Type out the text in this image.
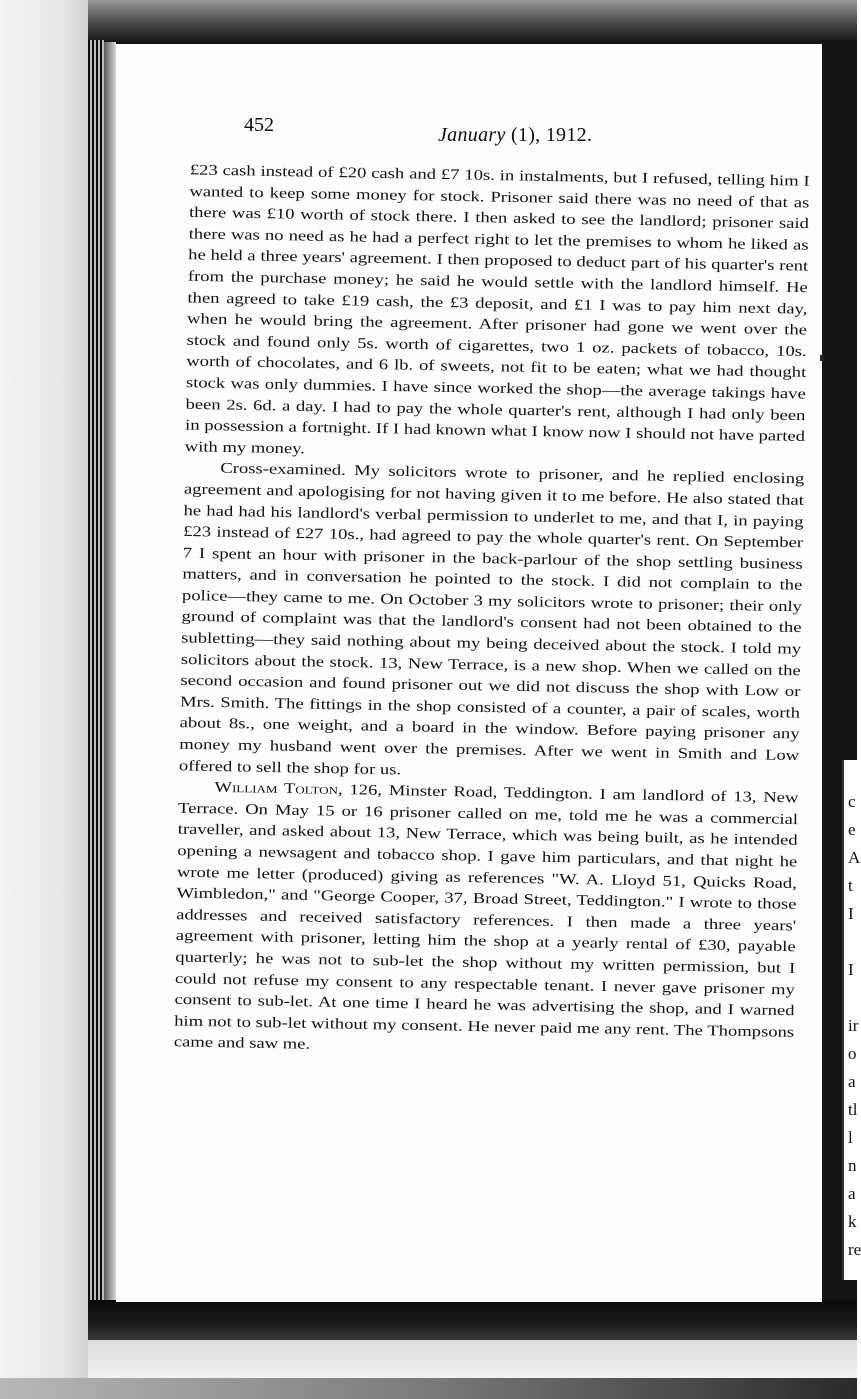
c
e
A
t
I

I

ir
o
a
tl
l
n
a
k
re
452	January (1), 1912.

£23 cash instead of £20 cash and £7 10s. in instalments, but I refused, telling him I wanted to keep some money for stock. Prisoner said there was no need of that as there was £10 worth of stock there. I then asked to see the landlord; prisoner said there was no need as he had a perfect right to let the premises to whom he liked as he held a three years' agreement. I then proposed to deduct part of his quarter's rent from the purchase money; he said he would settle with the landlord himself. He then agreed to take £19 cash, the £3 deposit, and £1 I was to pay him next day, when he would bring the agreement. After prisoner had gone we went over the stock and found only 5s. worth of cigarettes, two 1 oz. packets of tobacco, 10s. worth of chocolates, and 6 lb. of sweets, not fit to be eaten; what we had thought stock was only dummies. I have since worked the shop—the average takings have been 2s. 6d. a day. I had to pay the whole quarter's rent, although I had only been in possession a fortnight. If I had known what I know now I should not have parted with my money.

Cross-examined. My solicitors wrote to prisoner, and he replied enclosing agreement and apologising for not having given it to me before. He also stated that he had had his landlord's verbal permission to underlet to me, and that I, in paying £23 instead of £27 10s., had agreed to pay the whole quarter's rent. On September 7 I spent an hour with prisoner in the back-parlour of the shop settling business matters, and in conversation he pointed to the stock. I did not complain to the police—they came to me. On October 3 my solicitors wrote to prisoner; their only ground of complaint was that the landlord's consent had not been obtained to the subletting—they said nothing about my being deceived about the stock. I told my solicitors about the stock. 13, New Terrace, is a new shop. When we called on the second occasion and found prisoner out we did not discuss the shop with Low or Mrs. Smith. The fittings in the shop consisted of a counter, a pair of scales, worth about 8s., one weight, and a board in the window. Before paying prisoner any money my husband went over the premises. After we went in Smith and Low offered to sell the shop for us.

William Tolton, 126, Minster Road, Teddington. I am landlord of 13, New Terrace. On May 15 or 16 prisoner called on me, told me he was a commercial traveller, and asked about 13, New Terrace, which was being built, as he intended opening a newsagent and tobacco shop. I gave him particulars, and that night he wrote me letter (produced) giving as references "W. A. Lloyd 51, Quicks Road, Wimbledon," and "George Cooper, 37, Broad Street, Teddington." I wrote to those addresses and received satisfactory references. I then made a three years' agreement with prisoner, letting him the shop at a yearly rental of £30, payable quarterly; he was not to sub-let the shop without my written permission, but I could not refuse my consent to any respectable tenant. I never gave prisoner my consent to sub-let. At one time I heard he was advertising the shop, and I warned him not to sub-let without my consent. He never paid me any rent. The Thompsons came and saw me.
